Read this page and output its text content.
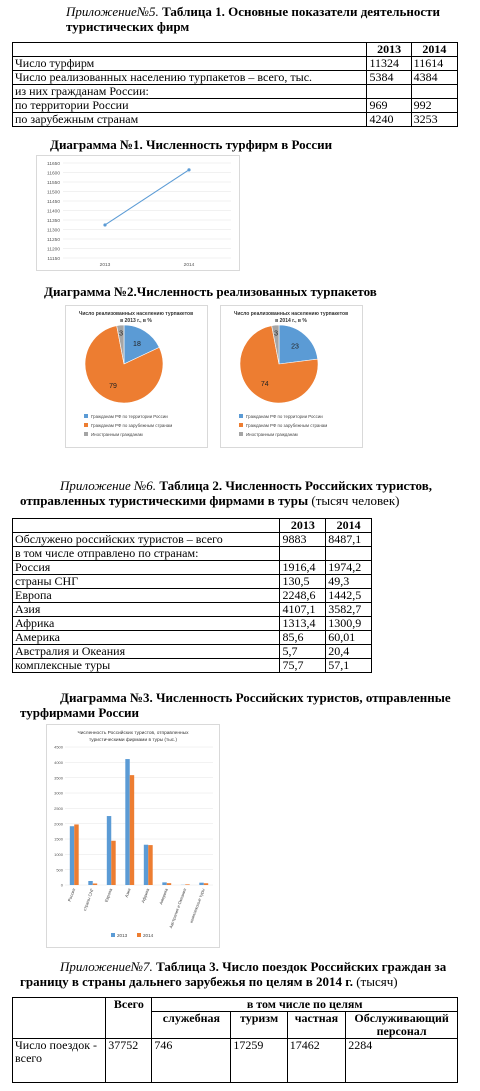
Приложение№5. Таблица 1. Основные показатели деятельности туристических фирм
	2013	2014
Число турфирм	11324	11614
Число реализованных населению турпакетов – всего, тыс.	5384	4384
из них гражданам России:		
по территории России	969	992
по зарубежным странам	4240	3253
Диаграмма №1. Численность турфирм в России
11650
11600
11550
11500
11450
11400
11350
11300
11250
11200
11150
2013	2014
Диаграмма №2.Численность реализованных турпакетов
Число реализованных населению турпакетов
в 2013 г., в %
18
79
3
Гражданам РФ по территории России
Гражданам РФ по зарубежным странам
Иностранным гражданам
Число реализованных населению турпакетов
в 2014 г., в %
23
74
3
Гражданам РФ по территории России
Гражданам РФ по зарубежным странам
Иностранным гражданам
Приложение №6. Таблица 2. Численность Российских туристов, отправленных туристическими фирмами в туры (тысяч человек)
	2013	2014
Обслужено российских туристов – всего	9883	8487,1
в том числе отправлено по странам:		
Россия	1916,4	1974,2
страны СНГ	130,5	49,3
Европа	2248,6	1442,5
Азия	4107,1	3582,7
Африка	1313,4	1300,9
Америка	85,6	60,01
Австралия и Океания	5,7	20,4
комплексные туры	75,7	57,1
Диаграмма №3. Численность Российских туристов, отправленные турфирмами России
Численность Российских туристов, отправленных
туристическими фирмами в туры (тыс.)
4500
4000
3500
3000
2500
2000
1500
1000
500
0
Россия страны СНГ Европа	Азия Африка Америка Австралия и Океания комплексные туры
2013	2014
Приложение№7. Таблица 3. Число поездок Российских граждан за границу в страны дальнего зарубежья по целям в 2014 г. (тысяч)
	Всего	в том числе по целям			
		служебная	туризм	частная	Обслуживающий персонал
Число поездок - всего	37752	746	17259	17462	2284
